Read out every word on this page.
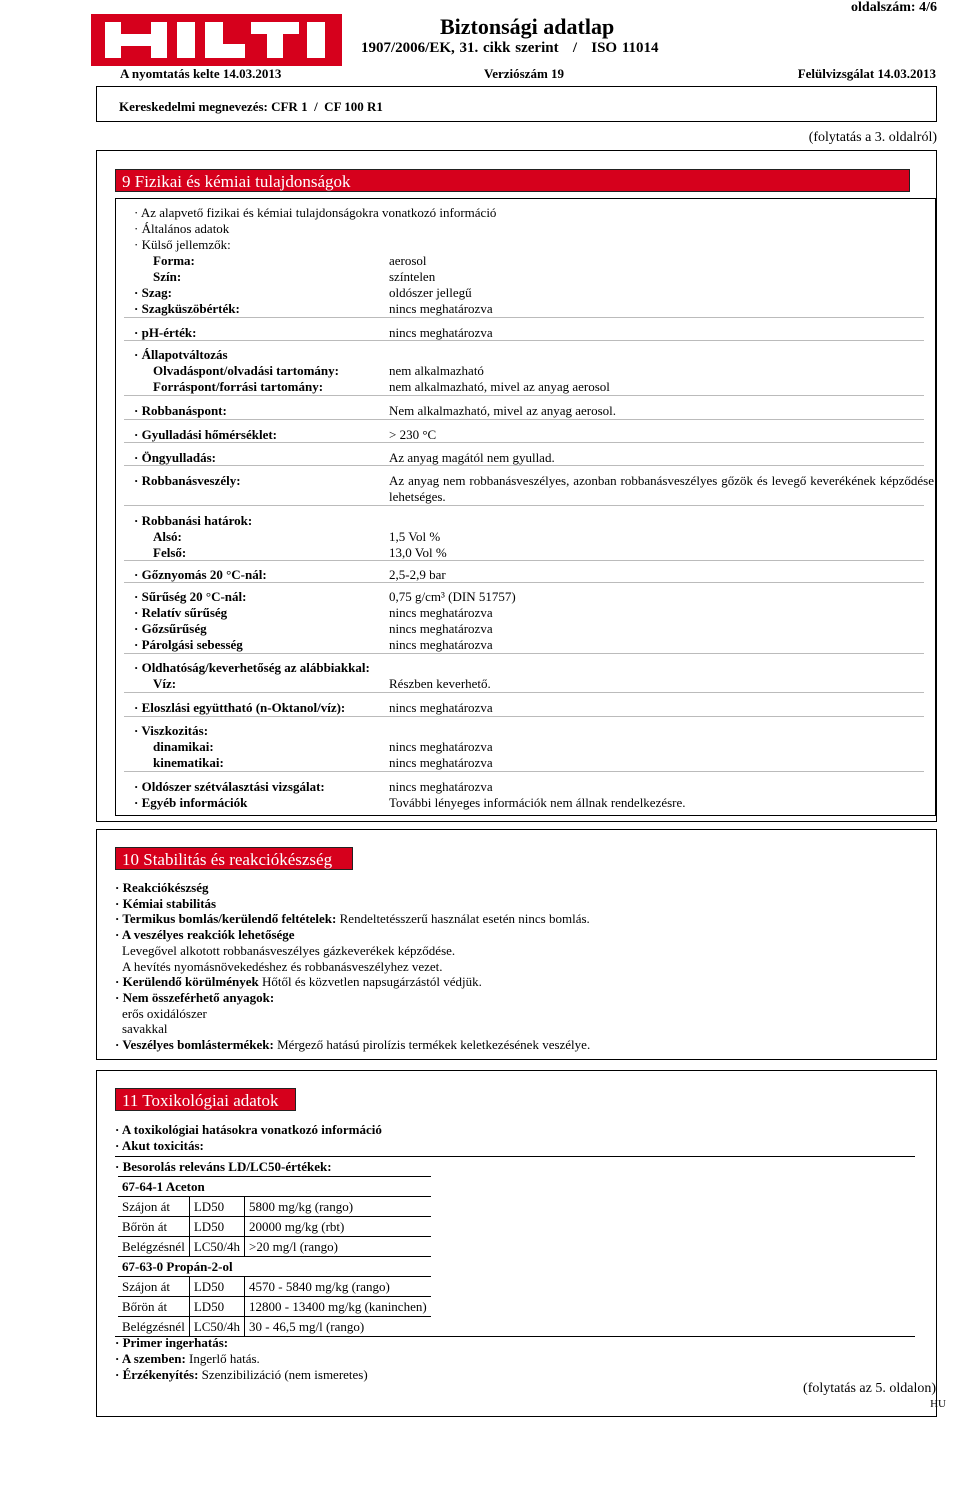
oldalszám: 4/6
Biztonsági adatlap
1907/2006/EK, 31. cikk szerint   /   ISO 11014
A nyomtatás kelte 14.03.2013	Verziószám 19	Felülvizsgálat 14.03.2013
Kereskedelmi megnevezés: CFR 1  /  CF 100 R1
(folytatás a 3. oldalról)
9 Fizikai és kémiai tulajdonságok
· Az alapvető fizikai és kémiai tulajdonságokra vonatkozó információ
· Általános adatok
· Külső jellemzők:
Forma:	aerosol
Szín:	színtelen
· Szag:	oldószer jellegű
· Szagküszöbérték:	nincs meghatározva
· pH-érték:	nincs meghatározva
· Állapotváltozás
Olvadáspont/olvadási tartomány:	nem alkalmazható
Forráspont/forrási tartomány:	nem alkalmazható, mivel az anyag aerosol
· Robbanáspont:	Nem alkalmazható, mivel az anyag aerosol.
· Gyulladási hőmérséklet:	> 230 °C
· Öngyulladás:	Az anyag magától nem gyullad.
· Robbanásveszély:	Az anyag nem robbanásveszélyes, azonban robbanásveszélyes gőzök és levegő keverékének képződése lehetséges.
· Robbanási határok:
Alsó:	1,5 Vol %
Felső:	13,0 Vol %
· Gőznyomás 20 °C-nál:	2,5-2,9 bar
· Sűrűség 20 °C-nál:	0,75 g/cm³ (DIN 51757)
· Relatív sűrűség	nincs meghatározva
· Gőzsűrűség	nincs meghatározva
· Párolgási sebesség	nincs meghatározva
· Oldhatóság/keverhetőség az alábbiakkal:
Víz:	Részben keverhető.
· Eloszlási együttható (n-Oktanol/víz):	nincs meghatározva
· Viszkozitás:
dinamikai:	nincs meghatározva
kinematikai:	nincs meghatározva
· Oldószer szétválasztási vizsgálat:	nincs meghatározva
· Egyéb információk	További lényeges információk nem állnak rendelkezésre.
10 Stabilitás és reakciókészség
· Reakciókészség
· Kémiai stabilitás
· Termikus bomlás/kerülendő feltételek: Rendeltetésszerű használat esetén nincs bomlás.
· A veszélyes reakciók lehetősége
Levegővel alkotott robbanásveszélyes gázkeverékek képződése.
A hevítés nyomásnövekedéshez és robbanásveszélyhez vezet.
· Kerülendő körülmények Hőtől és közvetlen napsugárzástól védjük.
· Nem összeférhető anyagok:
erős oxidálószer
savakkal
· Veszélyes bomlástermékek: Mérgező hatású pirolízis termékek keletkezésének veszélye.
11 Toxikológiai adatok
· A toxikológiai hatásokra vonatkozó információ
· Akut toxicitás:
· Besorolás releváns LD/LC50-értékek:
67-64-1 Aceton		
Szájon át	LD50	5800 mg/kg (rango)
Bőrön át	LD50	20000 mg/kg (rbt)
Belégzésnél	LC50/4h	>20 mg/l (rango)
67-63-0 Propán-2-ol		
Szájon át	LD50	4570 - 5840 mg/kg (rango)
Bőrön át	LD50	12800 - 13400 mg/kg (kaninchen)
Belégzésnél	LC50/4h	30 - 46,5 mg/l (rango)
· Primer ingerhatás:
· A szemben: Ingerlő hatás.
· Érzékenyítés: Szenzibilizáció (nem ismeretes)
(folytatás az 5. oldalon)
HU
